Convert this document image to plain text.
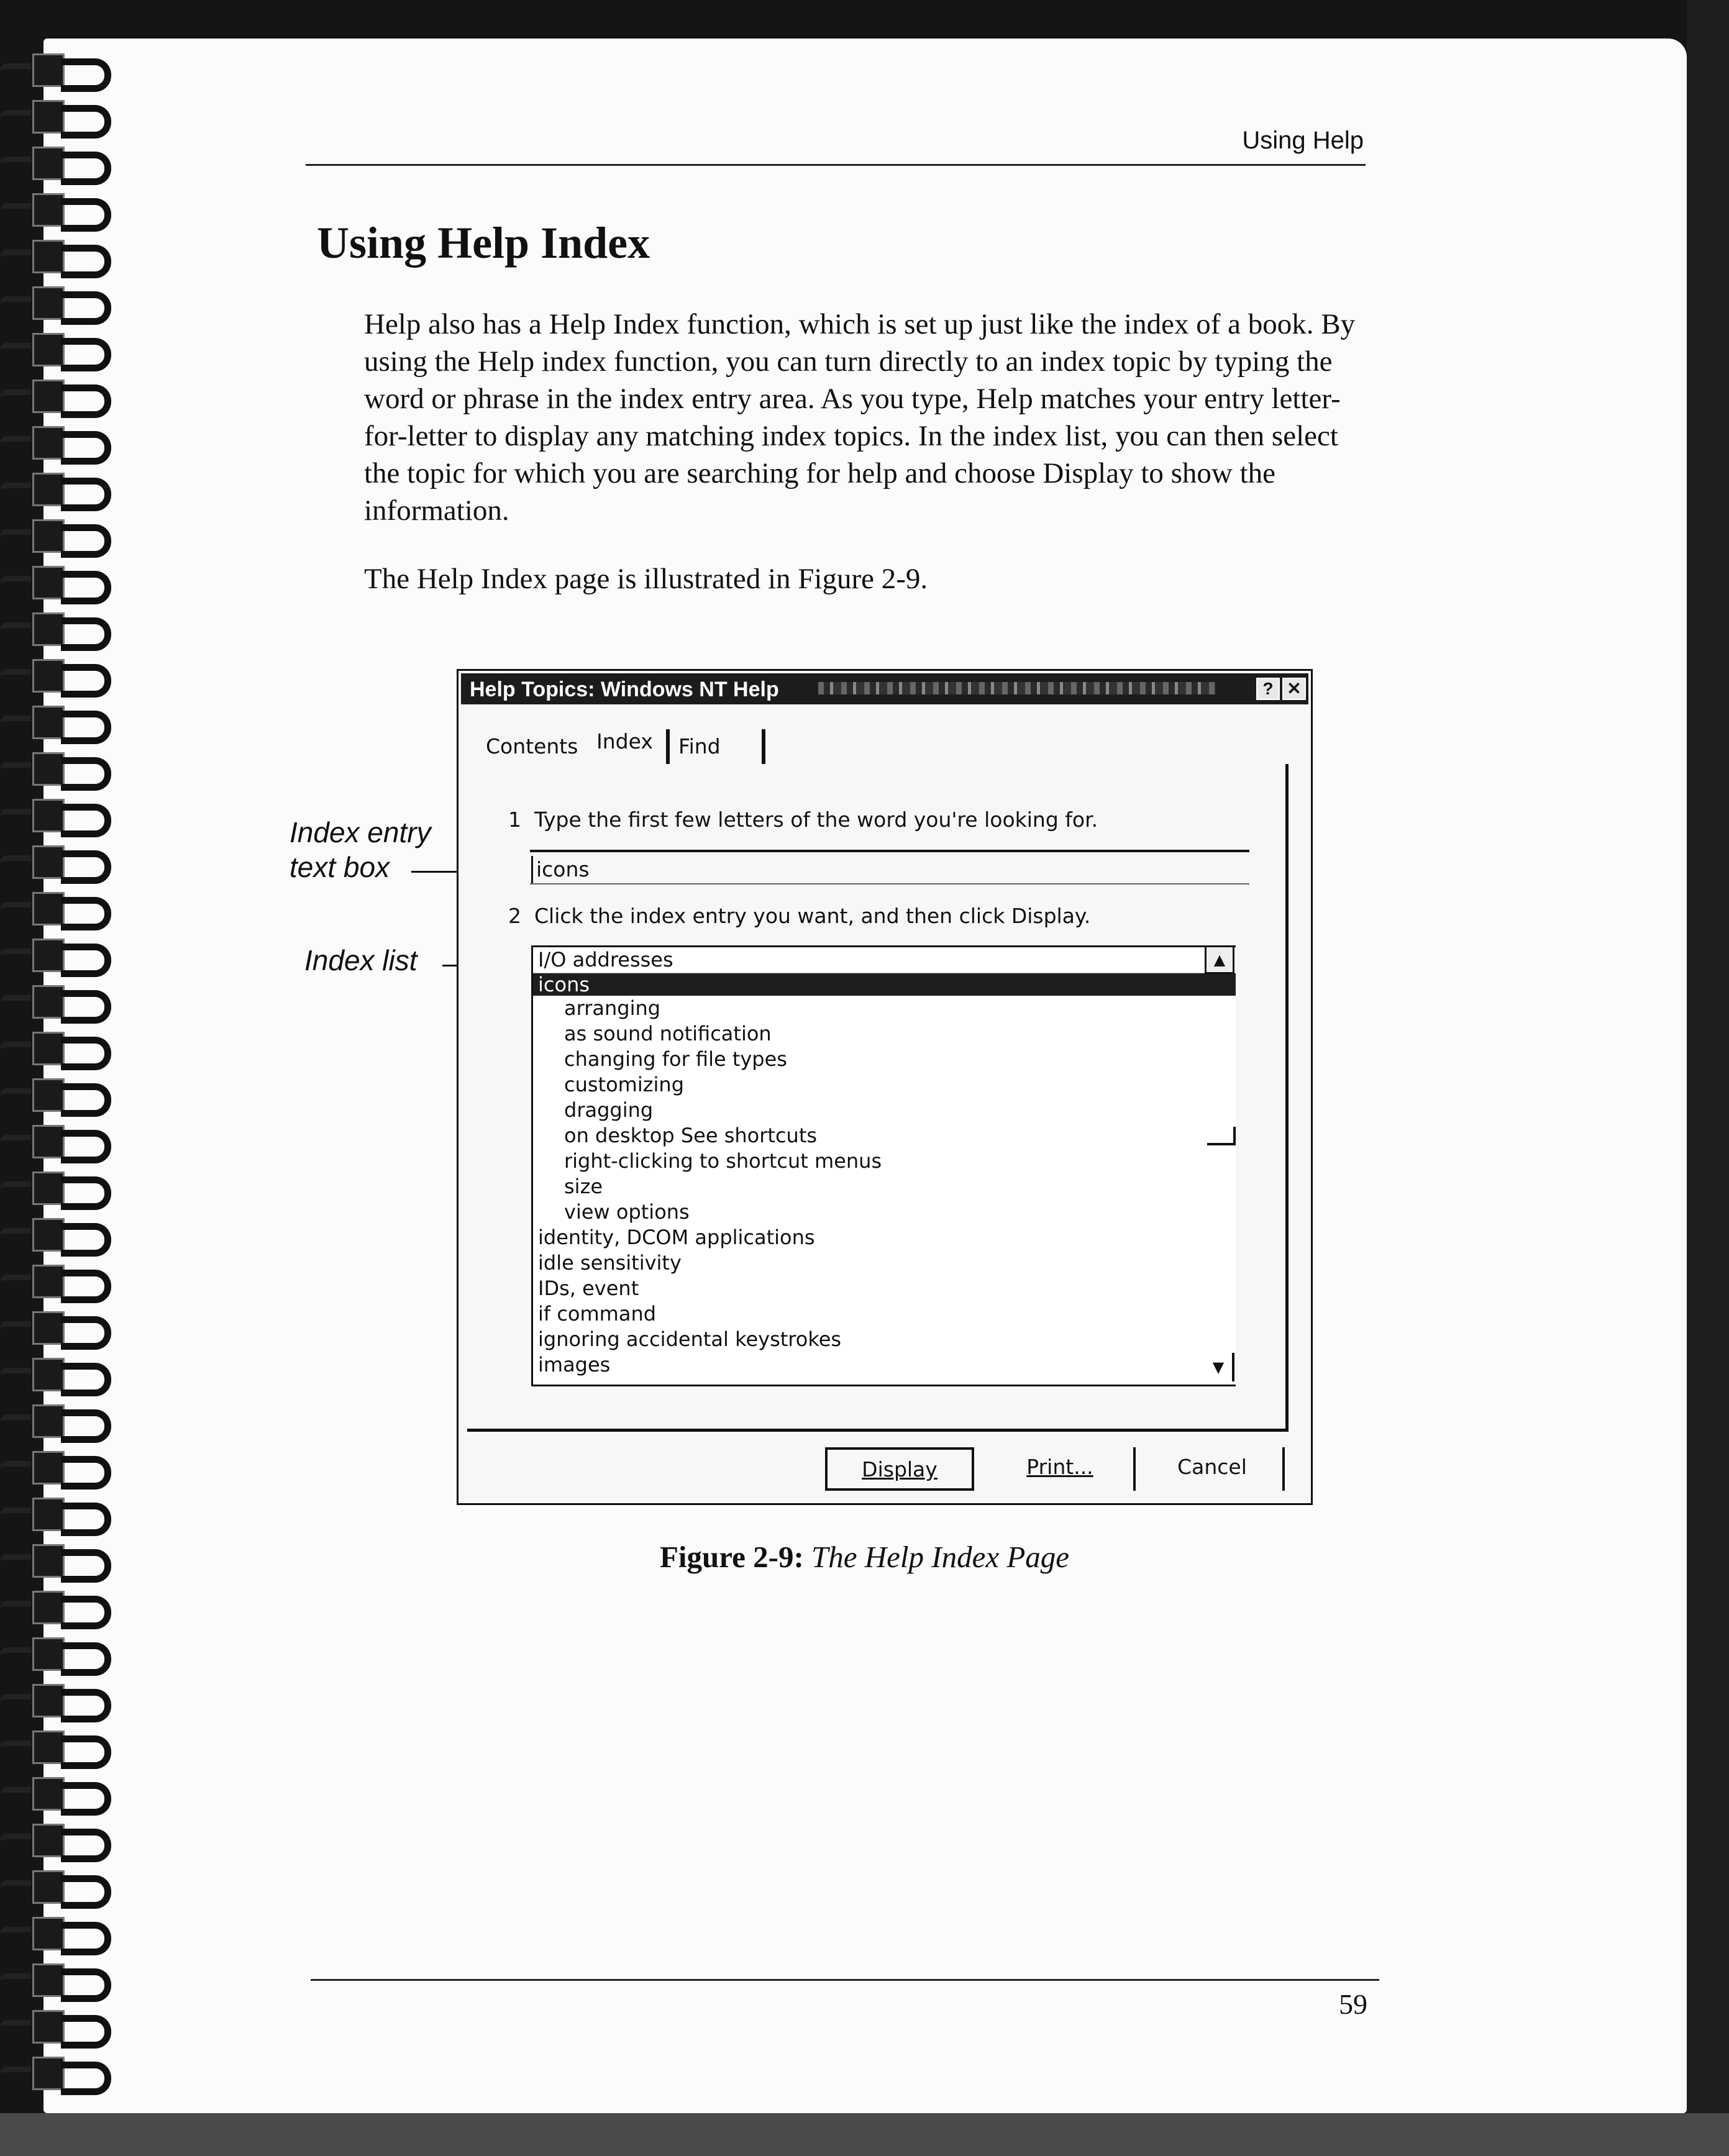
Using Help
Using Help Index

Help also has a Help Index function, which is set up just like the index of a book. By using the Help index function, you can turn directly to an index topic by typing the word or phrase in the index entry area. As you type, Help matches your entry letter-for-letter to display any matching index topics. In the index list, you can then select the topic for which you are searching for help and choose Display to show the information.

The Help Index page is illustrated in Figure 2-9.

Index entry
text box
Index list
Help Topics: Windows NT Help	? ✕
Contents Index Find
1 Type the first few letters of the word you're looking for.
icons
2 Click the index entry you want, and then click Display.
I/O addresses
icons
arranging
as sound notification
changing for file types
customizing
dragging
on desktop See shortcuts
right-clicking to shortcut menus
size
view options
identity, DCOM applications
idle sensitivity
IDs, event
if command
ignoring accidental keystrokes
images
▲
▼
Display	Print...	Cancel
Figure 2-9: The Help Index Page
59
